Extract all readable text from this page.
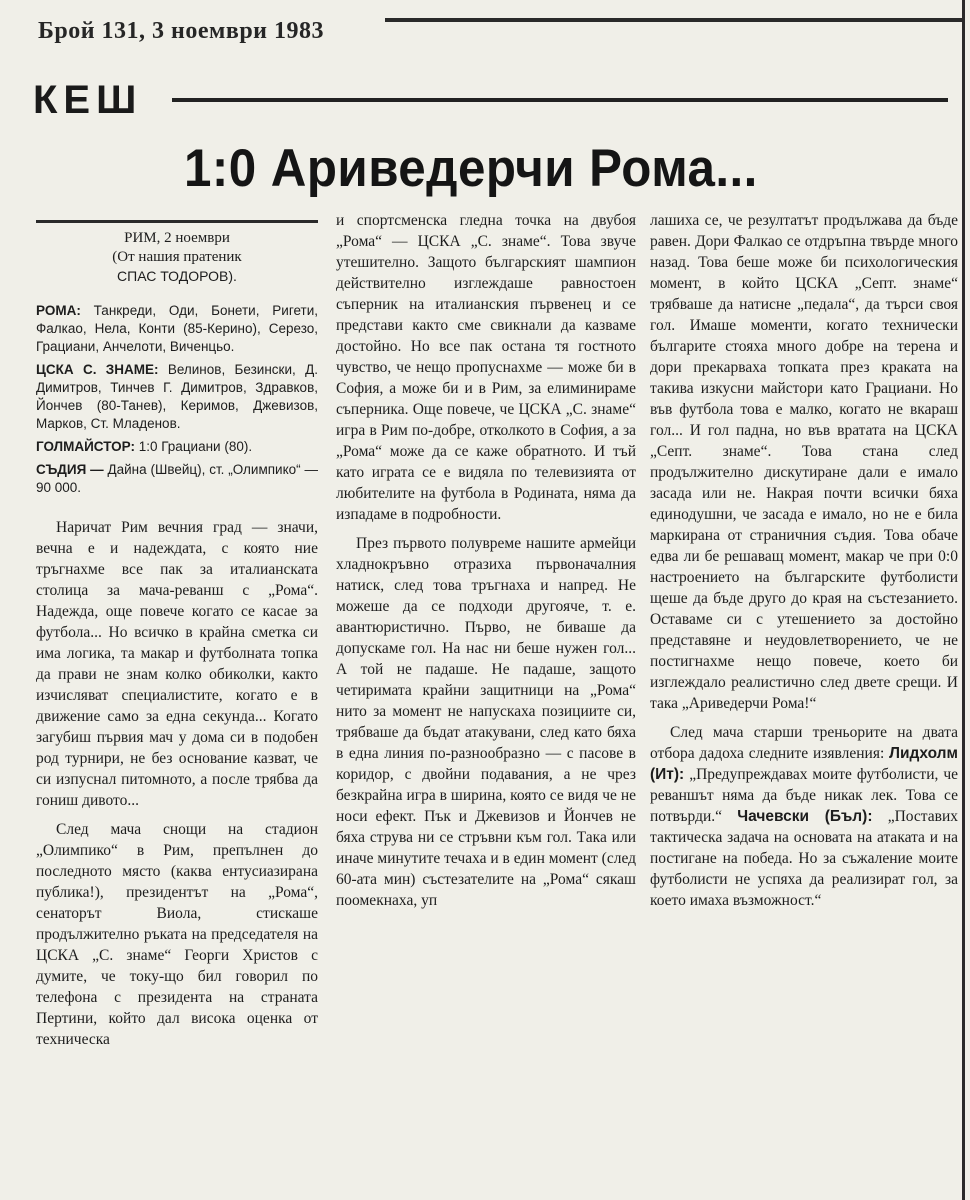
Брой 131, 3 ноември 1983
КЕШ
1:0 Ариведерчи Рома...
РИМ, 2 ноември
(От нашия пратеник
СПАС ТОДОРОВ).
РОМА: Танкреди, Оди, Бонети, Ригети, Фалкао, Нела, Конти (85-Керино), Серезо, Грациани, Анчелоти, Виченцьо.
ЦСКА С. ЗНАМЕ: Велинов, Безински, Д. Димитров, Тинчев Г. Димитров, Здравков, Йончев (80-Танев), Керимов, Джевизов, Марков, Ст. Младенов.
ГОЛМАЙСТОР: 1:0 Грациани (80).
СЪДИЯ — Дайна (Швейц), ст. „Олимпико“ — 90 000.

Наричат Рим вечния град — значи, вечна е и надеждата, с която ние тръгнахме все пак за италианската столица за мача-реванш с „Рома“. Надежда, още повече когато се касае за футбола... Но всичко в крайна сметка си има логика, та макар и футболната топка да прави не знам колко обиколки, както изчисляват специалистите, когато е в движение само за една секунда... Когато загубиш първия мач у дома си в подобен род турнири, не без основание казват, че си изпуснал питомното, а после трябва да гониш дивото...

След мача снощи на стадион „Олимпико“ в Рим, препълнен до последното място (каква ентусиазирана публика!), президентът на „Рома“, сенаторът Виола, стискаше продължително ръката на председателя на ЦСКА „С. знаме“ Георги Христов с думите, че току-що бил говорил по телефона с президента на страната Пертини, който дал висока оценка от техническа

и спортсменска гледна точка на двубоя „Рома“ — ЦСКА „С. знаме“. Това звуче утешително. Защото българският шампион действително изглеждаше равностоен съперник на италианския първенец и се представи както сме свикнали да казваме достойно. Но все пак остана тя гостното чувство, че нещо пропуснахме — може би в София, а може би и в Рим, за елиминираме съперника. Още повече, че ЦСКА „С. знаме“ игра в Рим по-добре, отколкото в София, а за „Рома“ може да се каже обратното. И тъй като играта се е видяла по телевизията от любителите на футбола в Родината, няма да изпадаме в подробности.

През първото полувреме нашите армейци хладнокръвно отразиха първоначалния натиск, след това тръгнаха и напред. Не можеше да се подходи другояче, т. е. авантюристично. Първо, не биваше да допускаме гол. На нас ни беше нужен гол... А той не падаше. Не падаше, защото четиримата крайни защитници на „Рома“ нито за момент не напускаха позициите си, трябваше да бъдат атакувани, след като бяха в една линия по-разнообразно — с пасове в коридор, с двойни подавания, а не чрез безкрайна игра в ширина, която се видя че не носи ефект. Пък и Джевизов и Йончев не бяха струва ни се стръвни към гол. Така или иначе минутите течаха и в един момент (след 60-ата мин) състезателите на „Рома“ сякаш поомекнаха, уп

лашиха се, че резултатът продължава да бъде равен. Дори Фалкао се отдръпна твърде много назад. Това беше може би психологическия момент, в който ЦСКА „Септ. знаме“ трябваше да натисне „педала“, да търси своя гол. Имаше моменти, когато технически българите стояха много добре на терена и дори прекарваха топката през краката на такива изкусни майстори като Грациани. Но във футбола това е малко, когато не вкараш гол... И гол падна, но във вратата на ЦСКА „Септ. знаме“. Това стана след продължително дискутиране дали е имало засада или не. Накрая почти всички бяха единодушни, че засада е имало, но не е била маркирана от страничния съдия. Това обаче едва ли бе решаващ момент, макар че при 0:0 настроението на българските футболисти щеше да бъде друго до края на състезанието. Оставаме си с утешението за достойно представяне и неудовлетворението, че не постигнахме нещо повече, което би изглеждало реалистично след двете срещи. И така „Ариведерчи Рома!“

След мача старши треньорите на двата отбора дадоха следните изявления: Лидхолм (Ит): „Предупреждавах моите футболисти, че реваншът няма да бъде никак лек. Това се потвърди.“ Чачевски (Бъл): „Поставих тактическа задача на основата на атаката и на постигане на победа. Но за съжаление моите футболисти не успяха да реализират гол, за което имаха възможност.“
